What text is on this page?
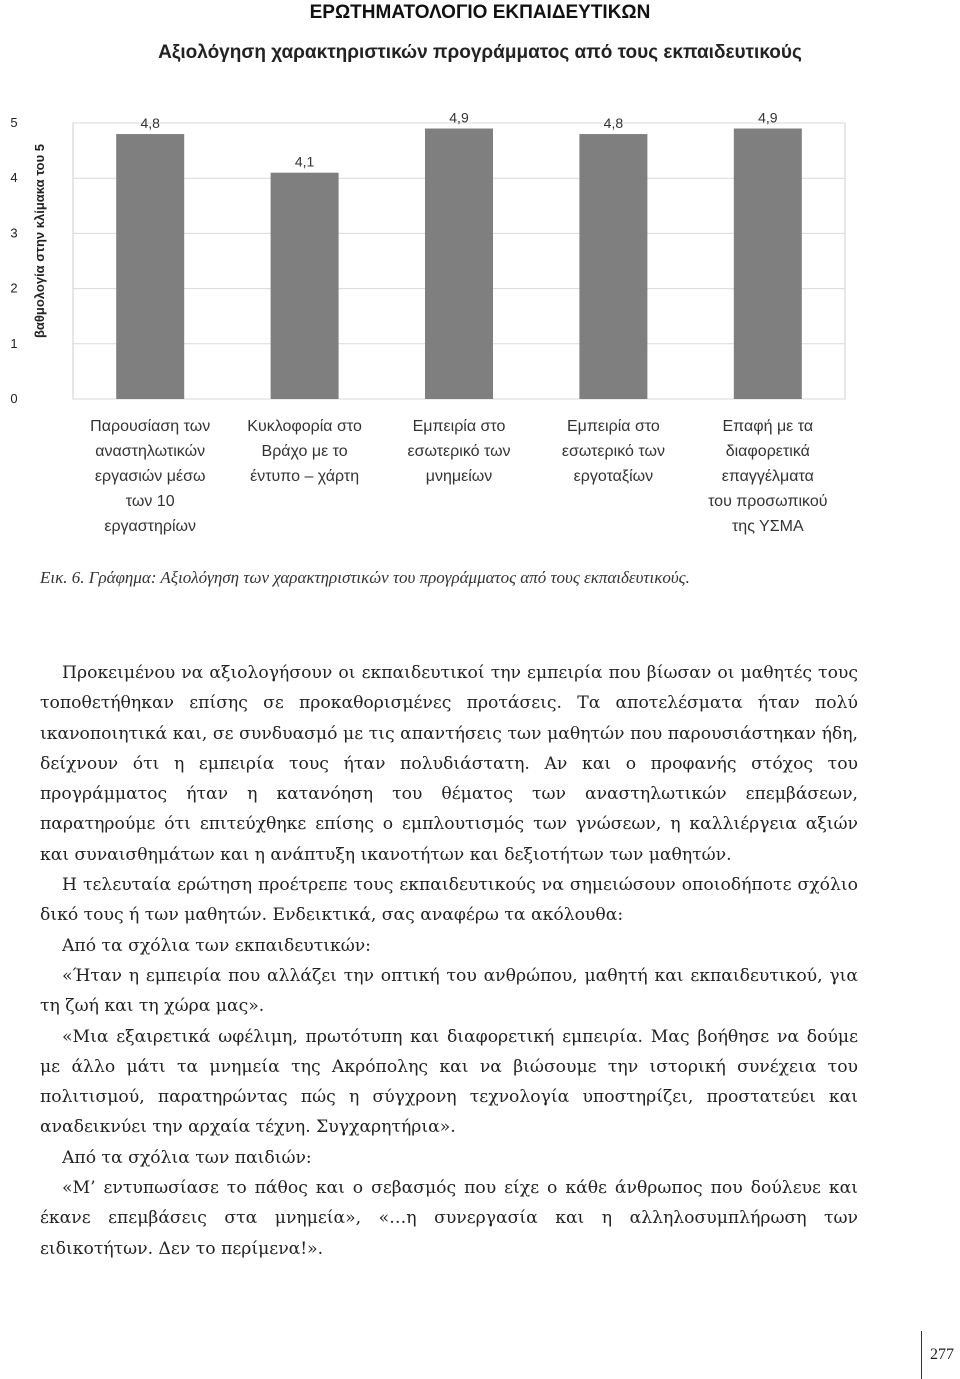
ΕΡΩΤΗΜΑΤΟΛΟΓΙΟ ΕΚΠΑΙΔΕΥΤΙΚΩΝ
Αξιολόγηση χαρακτηριστικών προγράμματος από τους εκπαιδευτικούς
0
1
2
3
4
5
βαθμολογία στην κλίμακα του 5
4,8
4,1
4,9	4,8	4,9
Παρουσίαση των
αναστηλωτικών
εργασιών μέσω
των 10
εργαστηρίων
Κυκλοφορία στο
Βράχο με το
έντυπο – χάρτη
Εμπειρία στο
εσωτερικό των
μνημείων
Εμπειρία στο
εσωτερικό των
εργοταξίων
Επαφή με τα
διαφορετικά
επαγγέλματα
του προσωπικού
της ΥΣΜΑ
Εικ. 6. Γράφημα: Αξιολόγηση των χαρακτηριστικών του προγράμματος από τους εκπαιδευτικούς.

Προκειμένου να αξιολογήσουν οι εκπαιδευτικοί την εμπειρία που βίωσαν οι μαθητές τους τοποθετήθηκαν επίσης σε προκαθορισμένες προτάσεις. Τα αποτελέσματα ήταν πολύ ικανοποιητικά και, σε συνδυασμό με τις απαντήσεις των μαθητών που παρουσιάστηκαν ήδη, δείχνουν ότι η εμπειρία τους ήταν πολυδιάστατη. Αν και ο προφανής στόχος του προγράμματος ήταν η κατανόηση του θέματος των αναστηλωτικών επεμβάσεων, παρατηρούμε ότι επιτεύχθηκε επίσης ο εμπλουτισμός των γνώσεων, η καλλιέργεια αξιών και συναισθημάτων και η ανάπτυξη ικανοτήτων και δεξιοτήτων των μαθητών.

Η τελευταία ερώτηση προέτρεπε τους εκπαιδευτικούς να σημειώσουν οποιοδήποτε σχόλιο δικό τους ή των μαθητών. Ενδεικτικά, σας αναφέρω τα ακόλουθα:

Από τα σχόλια των εκπαιδευτικών:

«Ήταν η εμπειρία που αλλάζει την οπτική του ανθρώπου, μαθητή και εκπαιδευτικού, για τη ζωή και τη χώρα μας».

«Μια εξαιρετικά ωφέλιμη, πρωτότυπη και διαφορετική εμπειρία. Μας βοήθησε να δούμε με άλλο μάτι τα μνημεία της Ακρόπολης και να βιώσουμε την ιστορική συνέχεια του πολιτισμού, παρατηρώντας πώς η σύγχρονη τεχνολογία υποστηρίζει, προστατεύει και αναδεικνύει την αρχαία τέχνη. Συγχαρητήρια».

Από τα σχόλια των παιδιών:

«Μ’ εντυπωσίασε το πάθος και ο σεβασμός που είχε ο κάθε άνθρωπος που δούλευε και έκανε επεμβάσεις στα μνημεία», «…η συνεργασία και η αλληλοσυμπλήρωση των ειδικοτήτων. Δεν το περίμενα!».

277
